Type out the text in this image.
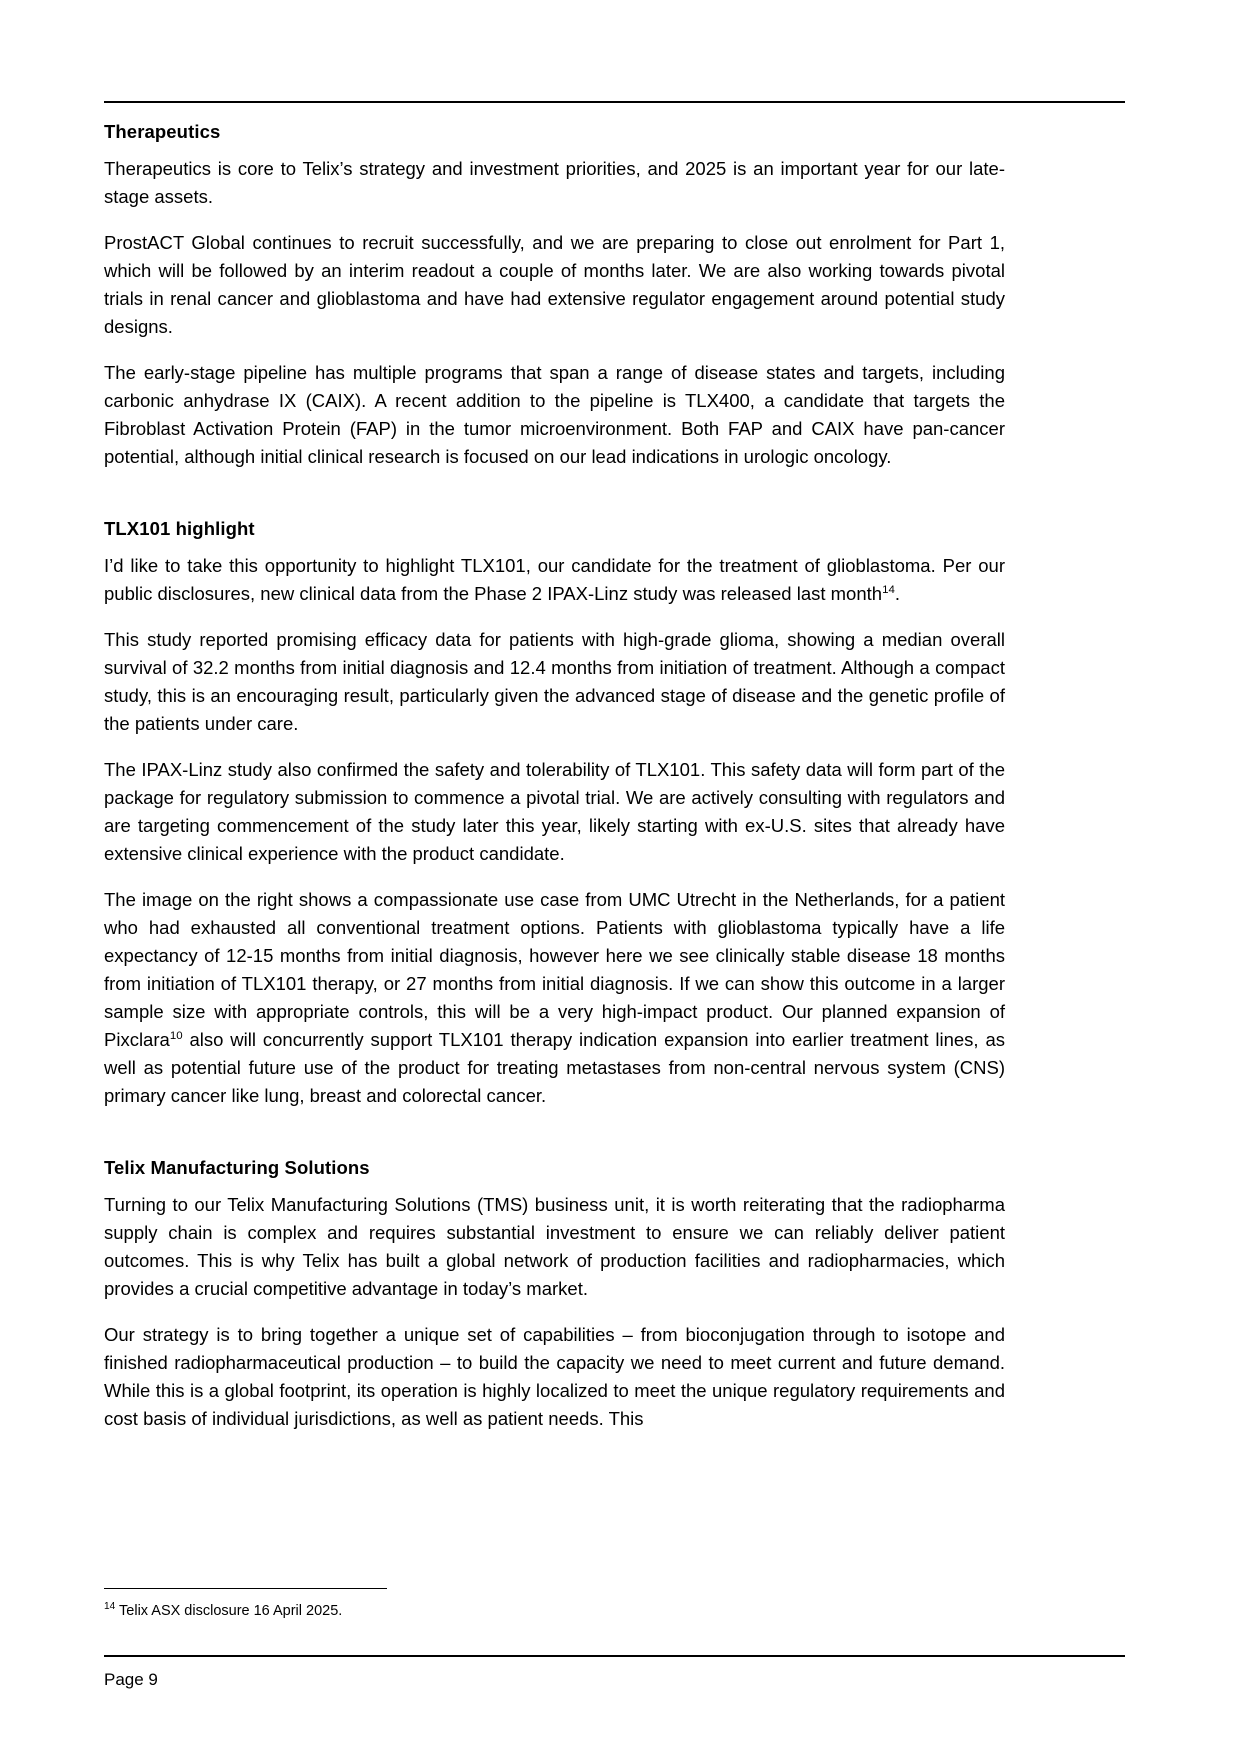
Therapeutics

Therapeutics is core to Telix’s strategy and investment priorities, and 2025 is an important year for our late-stage assets.

ProstACT Global continues to recruit successfully, and we are preparing to close out enrolment for Part 1, which will be followed by an interim readout a couple of months later. We are also working towards pivotal trials in renal cancer and glioblastoma and have had extensive regulator engagement around potential study designs.

The early-stage pipeline has multiple programs that span a range of disease states and targets, including carbonic anhydrase IX (CAIX). A recent addition to the pipeline is TLX400, a candidate that targets the Fibroblast Activation Protein (FAP) in the tumor microenvironment. Both FAP and CAIX have pan-cancer potential, although initial clinical research is focused on our lead indications in urologic oncology.

TLX101 highlight

I’d like to take this opportunity to highlight TLX101, our candidate for the treatment of glioblastoma. Per our public disclosures, new clinical data from the Phase 2 IPAX-Linz study was released last month$^{14}$.

This study reported promising efficacy data for patients with high-grade glioma, showing a median overall survival of 32.2 months from initial diagnosis and 12.4 months from initiation of treatment. Although a compact study, this is an encouraging result, particularly given the advanced stage of disease and the genetic profile of the patients under care.

The IPAX-Linz study also confirmed the safety and tolerability of TLX101. This safety data will form part of the package for regulatory submission to commence a pivotal trial. We are actively consulting with regulators and are targeting commencement of the study later this year, likely starting with ex-U.S. sites that already have extensive clinical experience with the product candidate.

The image on the right shows a compassionate use case from UMC Utrecht in the Netherlands, for a patient who had exhausted all conventional treatment options. Patients with glioblastoma typically have a life expectancy of 12-15 months from initial diagnosis, however here we see clinically stable disease 18 months from initiation of TLX101 therapy, or 27 months from initial diagnosis. If we can show this outcome in a larger sample size with appropriate controls, this will be a very high-impact product. Our planned expansion of Pixclara$^{10}$ also will concurrently support TLX101 therapy indication expansion into earlier treatment lines, as well as potential future use of the product for treating metastases from non-central nervous system (CNS) primary cancer like lung, breast and colorectal cancer.

Telix Manufacturing Solutions

Turning to our Telix Manufacturing Solutions (TMS) business unit, it is worth reiterating that the radiopharma supply chain is complex and requires substantial investment to ensure we can reliably deliver patient outcomes. This is why Telix has built a global network of production facilities and radiopharmacies, which provides a crucial competitive advantage in today’s market.

Our strategy is to bring together a unique set of capabilities – from bioconjugation through to isotope and finished radiopharmaceutical production – to build the capacity we need to meet current and future demand. While this is a global footprint, its operation is highly localized to meet the unique regulatory requirements and cost basis of individual jurisdictions, as well as patient needs. This

$^{14}$ Telix ASX disclosure 16 April 2025.

Page 9
